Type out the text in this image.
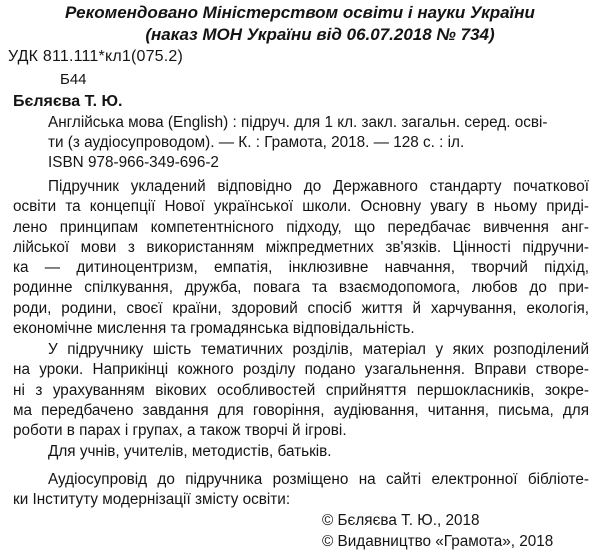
Рекомендовано Міністерством освіти і науки України
(наказ МОН України від 06.07.2018 № 734)
УДК 811.111*кл1(075.2)
Б44
Бєляєва Т. Ю.
Англійська мова (English) : підруч. для 1 кл. закл. загальн. серед. осві-
ти (з аудіосупроводом). — К. : Грамота, 2018. — 128 с. : іл.
ISBN 978-966-349-696-2
Підручник укладений відповідно до Державного стандарту початкової
освіти та концепції Нової української школи. Основну увагу в ньому приді-
лено принципам компетентнісного підходу, що передбачає вивчення анг-
лійської мови з використанням міжпредметних зв'язків. Цінності підручни-
ка — дитиноцентризм, емпатія, інклюзивне навчання, творчий підхід,
родинне спілкування, дружба, повага та взаємодопомога, любов до при-
роди, родини, своєї країни, здоровий спосіб життя й харчування, екологія,
економічне мислення та громадянська відповідальність.
У підручнику шість тематичних розділів, матеріал у яких розподілений
на уроки. Наприкінці кожного розділу подано узагальнення. Вправи створе-
ні з урахуванням вікових особливостей сприйняття першокласників, зокре-
ма передбачено завдання для говоріння, аудіювання, читання, письма, для
роботи в парах і групах, а також творчі й ігрові.
Для учнів, учителів, методистів, батьків.
Аудіосупровід до підручника розміщено на сайті електронної бібліоте-
ки Інституту модернізації змісту освіти:
© Бєляєва Т. Ю., 2018
© Видавництво «Грамота», 2018
